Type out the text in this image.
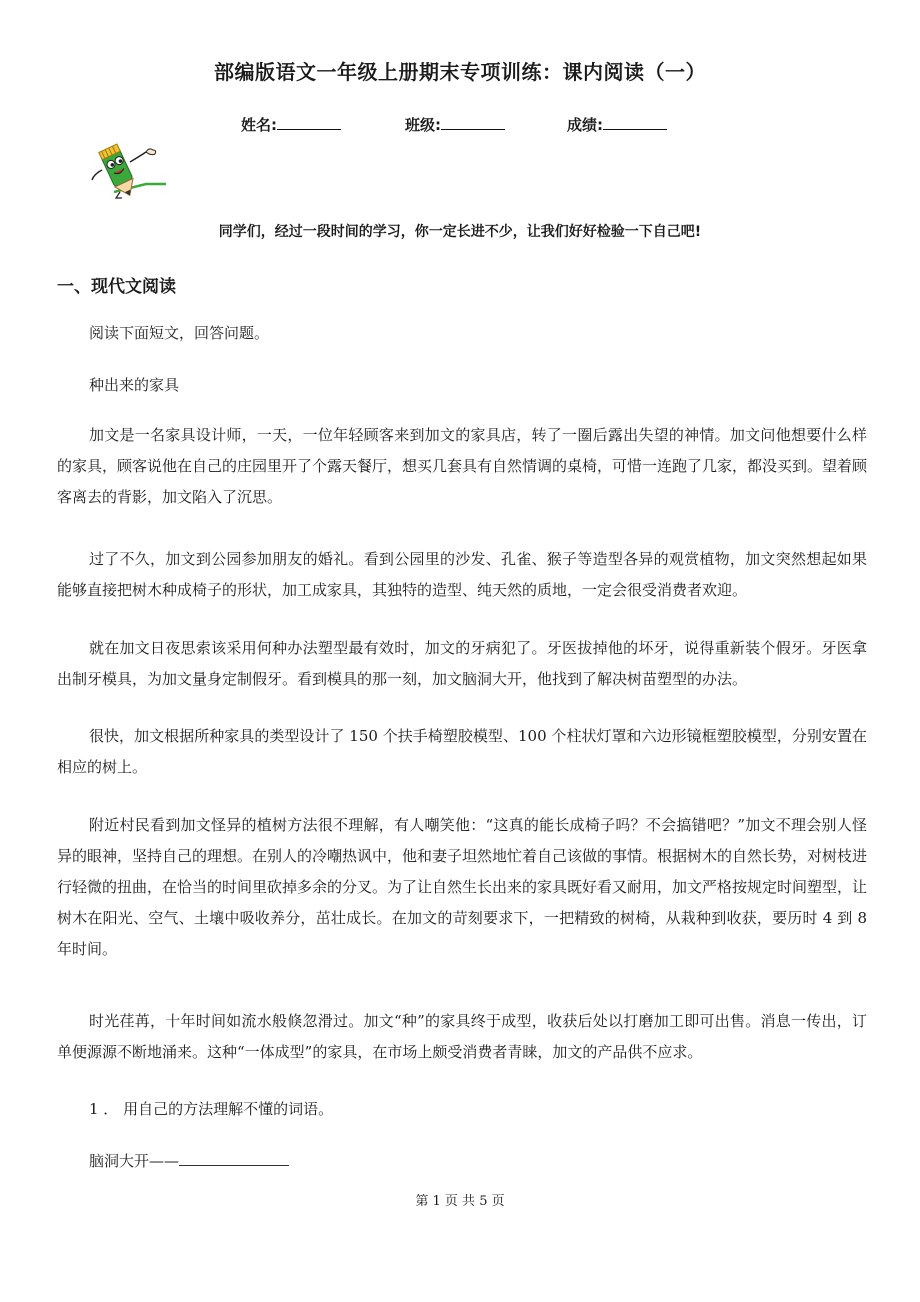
部编版语文一年级上册期末专项训练：课内阅读（一）
姓名:	班级:	成绩:
同学们，经过一段时间的学习，你一定长进不少，让我们好好检验一下自己吧!
一、现代文阅读
阅读下面短文，回答问题。
种出来的家具
加文是一名家具设计师，一天，一位年轻顾客来到加文的家具店，转了一圈后露出失望的神情。加文问他想要什么样的家具，顾客说他在自己的庄园里开了个露天餐厅，想买几套具有自然情调的桌椅，可惜一连跑了几家，都没买到。望着顾客离去的背影，加文陷入了沉思。
过了不久，加文到公园参加朋友的婚礼。看到公园里的沙发、孔雀、猴子等造型各异的观赏植物，加文突然想起如果能够直接把树木种成椅子的形状，加工成家具，其独特的造型、纯天然的质地，一定会很受消费者欢迎。
就在加文日夜思索该采用何种办法塑型最有效时，加文的牙病犯了。牙医拔掉他的坏牙，说得重新装个假牙。牙医拿出制牙模具，为加文量身定制假牙。看到模具的那一刻，加文脑洞大开，他找到了解决树苗塑型的办法。
很快，加文根据所种家具的类型设计了 150 个扶手椅塑胶模型、100 个柱状灯罩和六边形镜框塑胶模型，分别安置在相应的树上。
附近村民看到加文怪异的植树方法很不理解，有人嘲笑他：“这真的能长成椅子吗？不会搞错吧？”加文不理会别人怪异的眼神，坚持自己的理想。在别人的冷嘲热讽中，他和妻子坦然地忙着自己该做的事情。根据树木的自然长势，对树枝进行轻微的扭曲，在恰当的时间里砍掉多余的分叉。为了让自然生长出来的家具既好看又耐用，加文严格按规定时间塑型，让树木在阳光、空气、土壤中吸收养分，茁壮成长。在加文的苛刻要求下，一把精致的树椅，从栽种到收获，要历时 4 到 8 年时间。
时光荏苒，十年时间如流水般倏忽滑过。加文“种”的家具终于成型，收获后处以打磨加工即可出售。消息一传出，订单便源源不断地涌来。这种“一体成型”的家具，在市场上颇受消费者青睐，加文的产品供不应求。
1 ． 用自己的方法理解不懂的词语。
脑洞大开——
第 1 页 共 5 页
